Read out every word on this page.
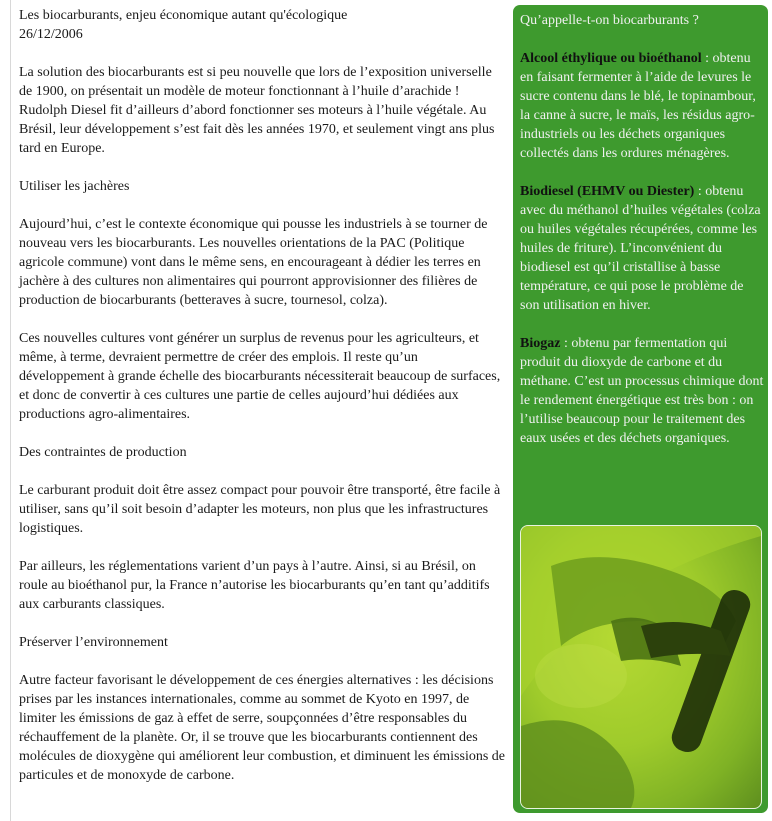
Les biocarburants, enjeu économique autant qu'écologique
26/12/2006

La solution des biocarburants est si peu nouvelle que lors de l’exposition universelle de 1900, on présentait un modèle de moteur fonctionnant à l’huile d’arachide ! Rudolph Diesel fit d’ailleurs d’abord fonctionner ses moteurs à l’huile végétale. Au Brésil, leur développement s’est fait dès les années 1970, et seulement vingt ans plus tard en Europe.

Utiliser les jachères

Aujourd’hui, c’est le contexte économique qui pousse les industriels à se tourner de nouveau vers les biocarburants. Les nouvelles orientations de la PAC (Politique agricole commune) vont dans le même sens, en encourageant à dédier les terres en jachère à des cultures non alimentaires qui pourront approvisionner des filières de production de biocarburants (betteraves à sucre, tournesol, colza).

Ces nouvelles cultures vont générer un surplus de revenus pour les agriculteurs, et même, à terme, devraient permettre de créer des emplois. Il reste qu’un développement à grande échelle des biocarburants nécessiterait beaucoup de surfaces, et donc de convertir à ces cultures une partie de celles aujourd’hui dédiées aux productions agro-alimentaires.

Des contraintes de production

Le carburant produit doit être assez compact pour pouvoir être transporté, être facile à utiliser, sans qu’il soit besoin d’adapter les moteurs, non plus que les infrastructures logistiques.

Par ailleurs, les réglementations varient d’un pays à l’autre. Ainsi, si au Brésil, on roule au bioéthanol pur, la France n’autorise les biocarburants qu’en tant qu’additifs aux carburants classiques.

Préserver l’environnement

Autre facteur favorisant le développement de ces énergies alternatives : les décisions prises par les instances internationales, comme au sommet de Kyoto en 1997, de limiter les émissions de gaz à effet de serre, soupçonnées d’être responsables du réchauffement de la planète. Or, il se trouve que les biocarburants contiennent des molécules de dioxygène qui améliorent leur combustion, et diminuent les émissions de particules et de monoxyde de carbone.

Qu’appelle-t-on biocarburants ?

Alcool éthylique ou bioéthanol : obtenu en faisant fermenter à l’aide de levures le sucre contenu dans le blé, le topinambour, la canne à sucre, le maïs, les résidus agro-industriels ou les déchets organiques collectés dans les ordures ménagères.

Biodiesel (EHMV ou Diester) : obtenu avec du méthanol d’huiles végétales (colza ou huiles végétales récupérées, comme les huiles de friture). L’inconvénient du biodiesel est qu’il cristallise à basse température, ce qui pose le problème de son utilisation en hiver.

Biogaz : obtenu par fermentation qui produit du dioxyde de carbone et du méthane. C’est un processus chimique dont le rendement énergétique est très bon : on l’utilise beaucoup pour le traitement des eaux usées et des déchets organiques.
